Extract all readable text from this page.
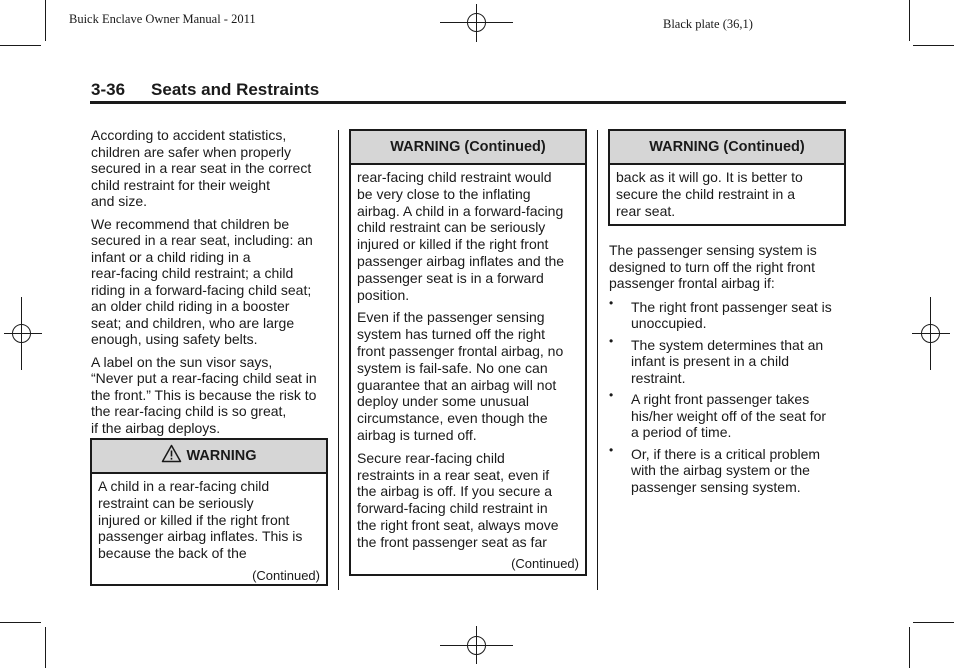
Buick Enclave Owner Manual - 2011	Black plate (36,1)
3-36 Seats and Restraints
According to accident statistics,
children are safer when properly
secured in a rear seat in the correct
child restraint for their weight
and size.
We recommend that children be
secured in a rear seat, including: an
infant or a child riding in a
rear-facing child restraint; a child
riding in a forward-facing child seat;
an older child riding in a booster
seat; and children, who are large
enough, using safety belts.
A label on the sun visor says,
“Never put a rear-facing child seat in
the front.” This is because the risk to
the rear-facing child is so great,
if the airbag deploys.
WARNING
A child in a rear-facing child
restraint can be seriously
injured or killed if the right front
passenger airbag inflates. This is
because the back of the
(Continued)
WARNING (Continued)
rear-facing child restraint would
be very close to the inflating
airbag. A child in a forward-facing
child restraint can be seriously
injured or killed if the right front
passenger airbag inflates and the
passenger seat is in a forward
position.
Even if the passenger sensing
system has turned off the right
front passenger frontal airbag, no
system is fail-safe. No one can
guarantee that an airbag will not
deploy under some unusual
circumstance, even though the
airbag is turned off.
Secure rear-facing child
restraints in a rear seat, even if
the airbag is off. If you secure a
forward-facing child restraint in
the right front seat, always move
the front passenger seat as far
(Continued)
WARNING (Continued)
back as it will go. It is better to
secure the child restraint in a
rear seat.
The passenger sensing system is
designed to turn off the right front
passenger frontal airbag if:
• The right front passenger seat is
unoccupied.
• The system determines that an
infant is present in a child
restraint.
• A right front passenger takes
his/her weight off of the seat for
a period of time.
• Or, if there is a critical problem
with the airbag system or the
passenger sensing system.
